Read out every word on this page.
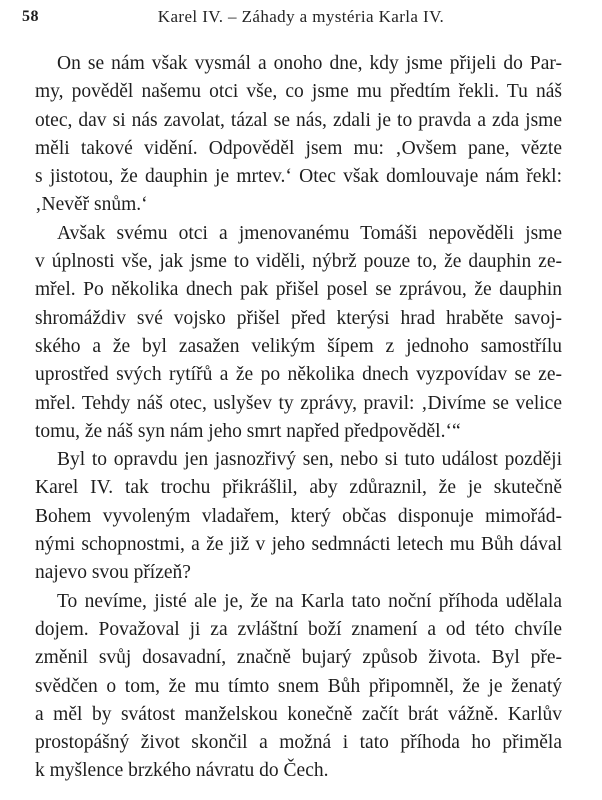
58	Karel IV. – Záhady a mystéria Karla IV.
On se nám však vysmál a onoho dne, kdy jsme přijeli do Par-
my, pověděl našemu otci vše, co jsme mu předtím řekli. Tu náš
otec, dav si nás zavolat, tázal se nás, zdali je to pravda a zda jsme
měli takové vidění. Odpověděl jsem mu: ‚Ovšem pane, vězte
s jistotou, že dauphin je mrtev.‘ Otec však domlouvaje nám řekl:
‚Nevěř snům.‘
Avšak svému otci a jmenovanému Tomáši nepověděli jsme
v úplnosti vše, jak jsme to viděli, nýbrž pouze to, že dauphin ze-
mřel. Po několika dnech pak přišel posel se zprávou, že dauphin
shromáždiv své vojsko přišel před kterýsi hrad hraběte savoj-
ského a že byl zasažen velikým šípem z jednoho samostřílu
uprostřed svých rytířů a že po několika dnech vyzpovídav se ze-
mřel. Tehdy náš otec, uslyšev ty zprávy, pravil: ‚Divíme se velice
tomu, že náš syn nám jeho smrt napřed předpověděl.‘“
Byl to opravdu jen jasnozřivý sen, nebo si tuto událost později
Karel IV. tak trochu přikrášlil, aby zdůraznil, že je skutečně
Bohem vyvoleným vladařem, který občas disponuje mimořád-
nými schopnostmi, a že již v jeho sedmnácti letech mu Bůh dával
najevo svou přízeň?
To nevíme, jisté ale je, že na Karla tato noční příhoda udělala
dojem. Považoval ji za zvláštní boží znamení a od této chvíle
změnil svůj dosavadní, značně bujarý způsob života. Byl pře-
svědčen o tom, že mu tímto snem Bůh připomněl, že je ženatý
a měl by svátost manželskou konečně začít brát vážně. Karlův
prostopášný život skončil a možná i tato příhoda ho přiměla
k myšlence brzkého návratu do Čech.
